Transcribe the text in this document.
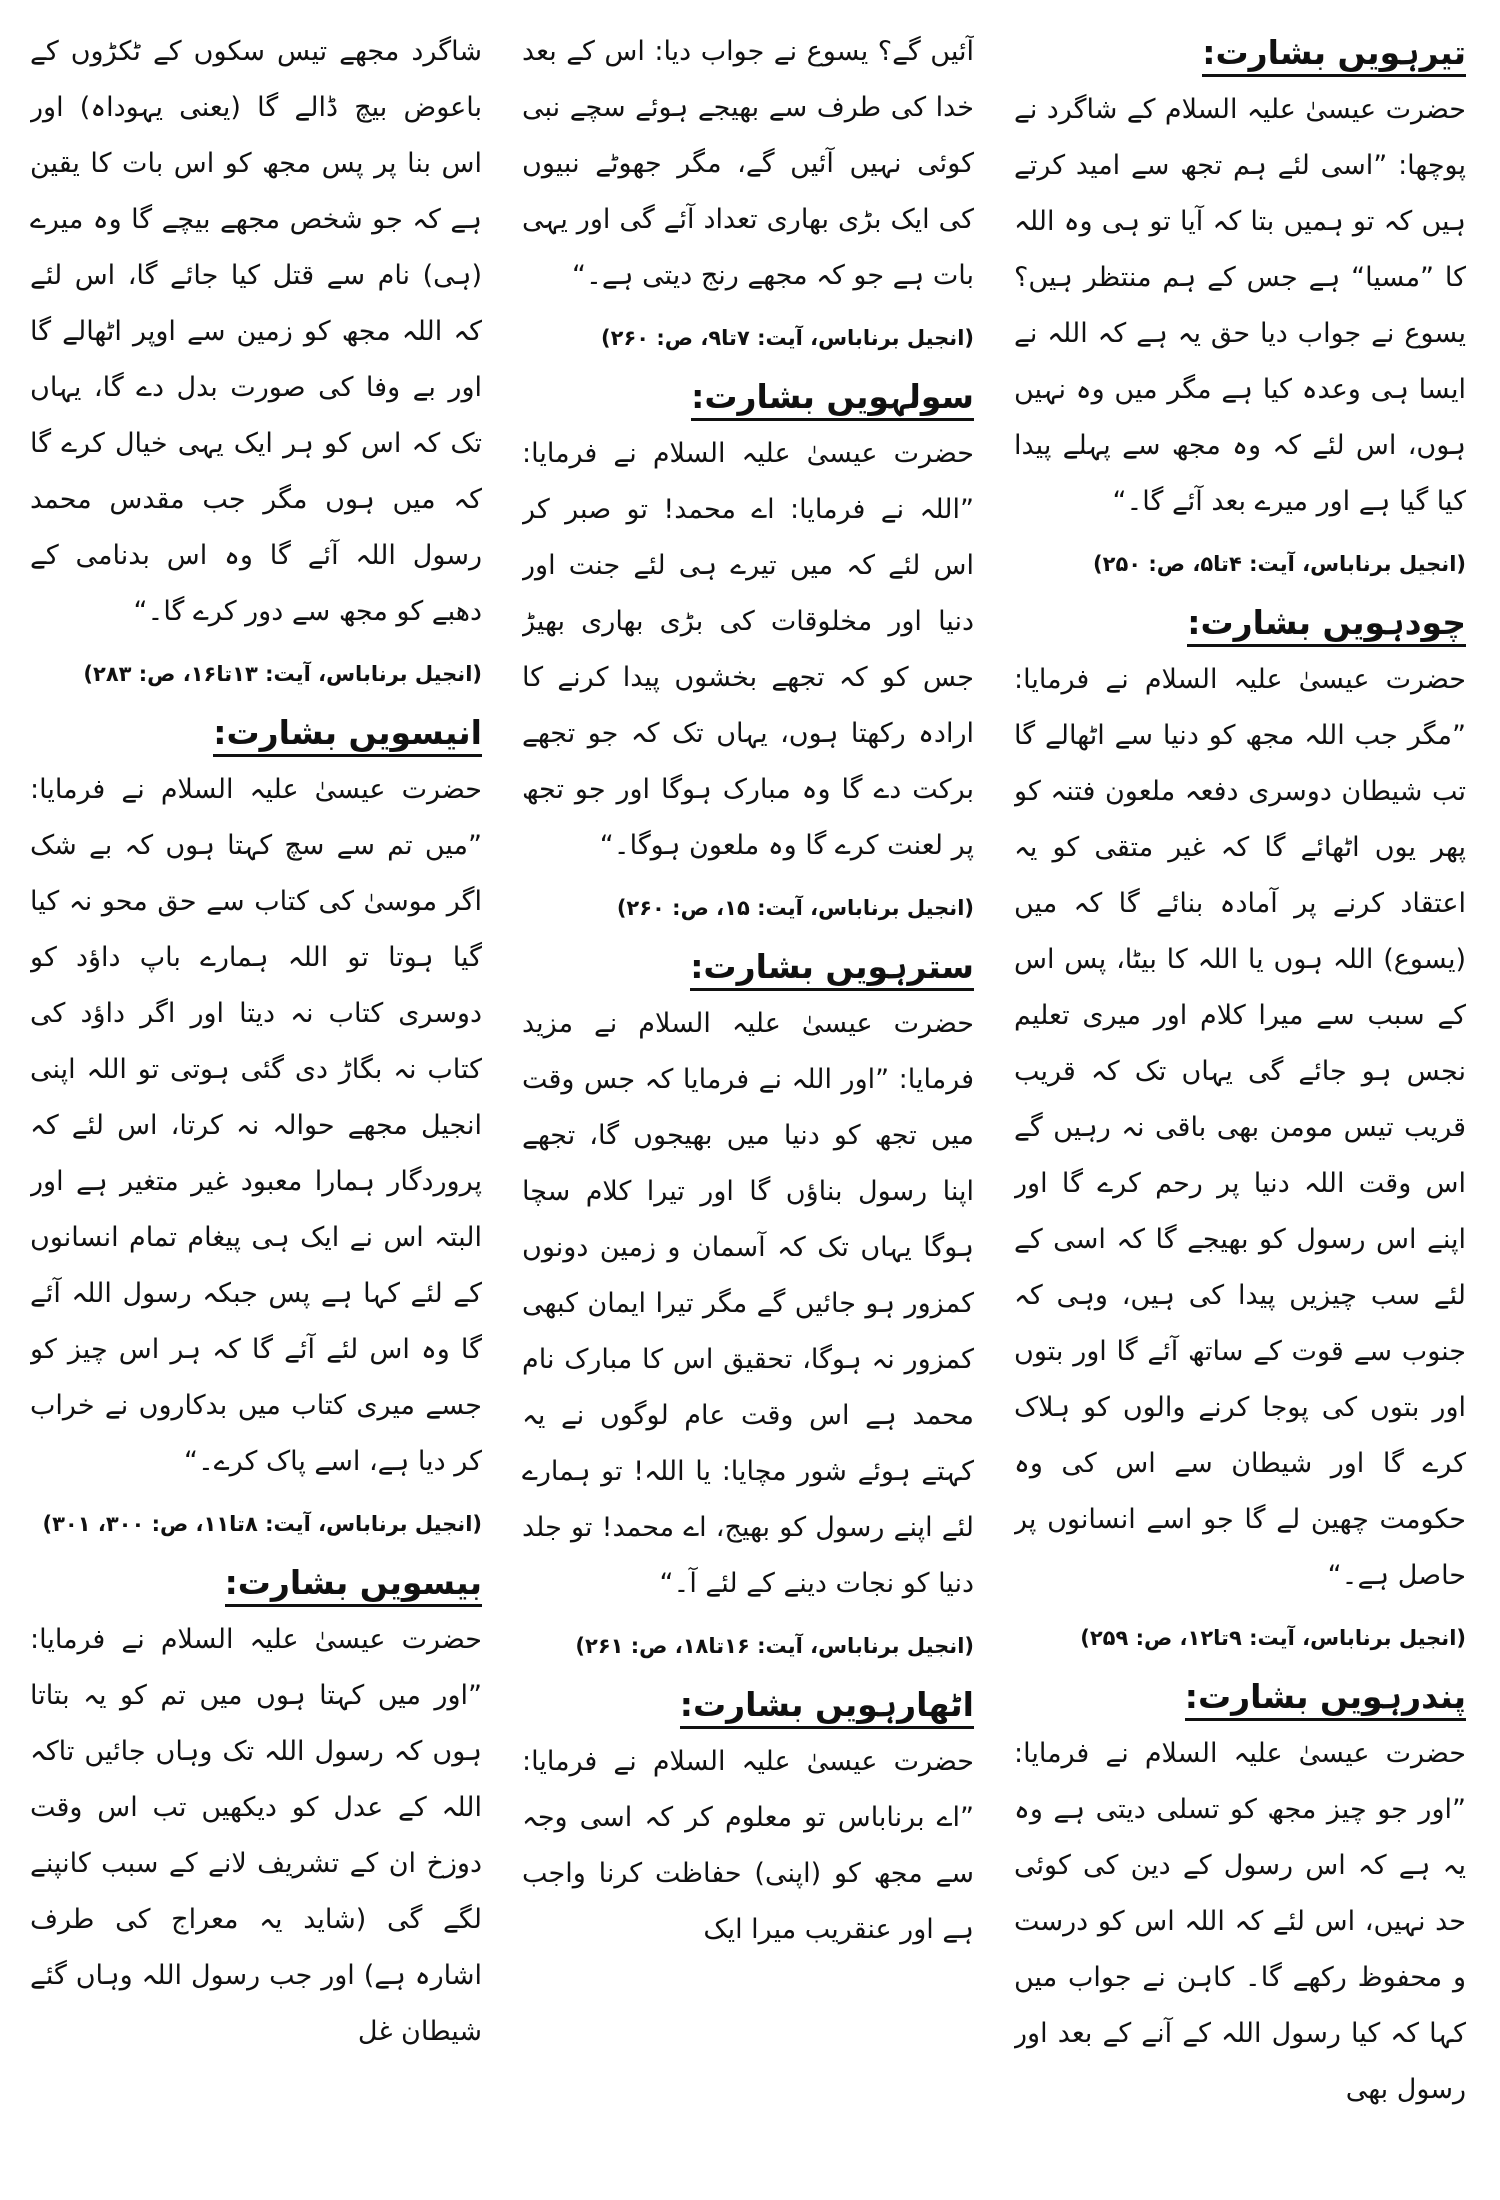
تیرہویں بشارت:

حضرت عیسیٰ علیہ السلام کے شاگرد نے پوچھا: ”اسی لئے ہم تجھ سے امید کرتے ہیں کہ تو ہمیں بتا کہ آیا تو ہی وہ اللہ کا ”مسیا“ ہے جس کے ہم منتظر ہیں؟ یسوع نے جواب دیا حق یہ ہے کہ اللہ نے ایسا ہی وعدہ کیا ہے مگر میں وہ نہیں ہوں، اس لئے کہ وہ مجھ سے پہلے پیدا کیا گیا ہے اور میرے بعد آئے گا۔“

(انجیل برناباس، آیت: ۴تا۵، ص: ۲۵۰)
چودہویں بشارت:

حضرت عیسیٰ علیہ السلام نے فرمایا: ”مگر جب اللہ مجھ کو دنیا سے اٹھالے گا تب شیطان دوسری دفعہ ملعون فتنہ کو پھر یوں اٹھائے گا کہ غیر متقی کو یہ اعتقاد کرنے پر آمادہ بنائے گا کہ میں (یسوع) اللہ ہوں یا اللہ کا بیٹا، پس اس کے سبب سے میرا کلام اور میری تعلیم نجس ہو جائے گی یہاں تک کہ قریب قریب تیس مومن بھی باقی نہ رہیں گے اس وقت اللہ دنیا پر رحم کرے گا اور اپنے اس رسول کو بھیجے گا کہ اسی کے لئے سب چیزیں پیدا کی ہیں، وہی کہ جنوب سے قوت کے ساتھ آئے گا اور بتوں اور بتوں کی پوجا کرنے والوں کو ہلاک کرے گا اور شیطان سے اس کی وہ حکومت چھین لے گا جو اسے انسانوں پر حاصل ہے۔“

(انجیل برناباس، آیت: ۹تا۱۲، ص: ۲۵۹)
پندرہویں بشارت:

حضرت عیسیٰ علیہ السلام نے فرمایا: ”اور جو چیز مجھ کو تسلی دیتی ہے وہ یہ ہے کہ اس رسول کے دین کی کوئی حد نہیں، اس لئے کہ اللہ اس کو درست و محفوظ رکھے گا۔ کاہن نے جواب میں کہا کہ کیا رسول اللہ کے آنے کے بعد اور رسول بھی

آئیں گے؟ یسوع نے جواب دیا: اس کے بعد خدا کی طرف سے بھیجے ہوئے سچے نبی کوئی نہیں آئیں گے، مگر جھوٹے نبیوں کی ایک بڑی بھاری تعداد آئے گی اور یہی بات ہے جو کہ مجھے رنج دیتی ہے۔“

(انجیل برناباس، آیت: ۷تا۹، ص: ۲۶۰)
سولہویں بشارت:

حضرت عیسیٰ علیہ السلام نے فرمایا: ”اللہ نے فرمایا: اے محمد! تو صبر کر اس لئے کہ میں تیرے ہی لئے جنت اور دنیا اور مخلوقات کی بڑی بھاری بھیڑ جس کو کہ تجھے بخشوں پیدا کرنے کا ارادہ رکھتا ہوں، یہاں تک کہ جو تجھے برکت دے گا وہ مبارک ہوگا اور جو تجھ پر لعنت کرے گا وہ ملعون ہوگا۔“

(انجیل برناباس، آیت: ۱۵، ص: ۲۶۰)
سترہویں بشارت:

حضرت عیسیٰ علیہ السلام نے مزید فرمایا: ”اور اللہ نے فرمایا کہ جس وقت میں تجھ کو دنیا میں بھیجوں گا، تجھے اپنا رسول بناؤں گا اور تیرا کلام سچا ہوگا یہاں تک کہ آسمان و زمین دونوں کمزور ہو جائیں گے مگر تیرا ایمان کبھی کمزور نہ ہوگا، تحقیق اس کا مبارک نام محمد ہے اس وقت عام لوگوں نے یہ کہتے ہوئے شور مچایا: یا اللہ! تو ہمارے لئے اپنے رسول کو بھیج، اے محمد! تو جلد دنیا کو نجات دینے کے لئے آ۔“

(انجیل برناباس، آیت: ۱۶تا۱۸، ص: ۲۶۱)
اٹھارہویں بشارت:

حضرت عیسیٰ علیہ السلام نے فرمایا: ”اے برناباس تو معلوم کر کہ اسی وجہ سے مجھ کو (اپنی) حفاظت کرنا واجب ہے اور عنقریب میرا ایک

شاگرد مجھے تیس سکوں کے ٹکڑوں کے باعوض بیچ ڈالے گا (یعنی یہوداہ) اور اس بنا پر پس مجھ کو اس بات کا یقین ہے کہ جو شخص مجھے بیچے گا وہ میرے (ہی) نام سے قتل کیا جائے گا، اس لئے کہ اللہ مجھ کو زمین سے اوپر اٹھالے گا اور بے وفا کی صورت بدل دے گا، یہاں تک کہ اس کو ہر ایک یہی خیال کرے گا کہ میں ہوں مگر جب مقدس محمد رسول اللہ آئے گا وہ اس بدنامی کے دھبے کو مجھ سے دور کرے گا۔“

(انجیل برناباس، آیت: ۱۳تا۱۶، ص: ۲۸۳)
انیسویں بشارت:

حضرت عیسیٰ علیہ السلام نے فرمایا: ”میں تم سے سچ کہتا ہوں کہ بے شک اگر موسیٰ کی کتاب سے حق محو نہ کیا گیا ہوتا تو اللہ ہمارے باپ داؤد کو دوسری کتاب نہ دیتا اور اگر داؤد کی کتاب نہ بگاڑ دی گئی ہوتی تو اللہ اپنی انجیل مجھے حوالہ نہ کرتا، اس لئے کہ پروردگار ہمارا معبود غیر متغیر ہے اور البتہ اس نے ایک ہی پیغام تمام انسانوں کے لئے کہا ہے پس جبکہ رسول اللہ آئے گا وہ اس لئے آئے گا کہ ہر اس چیز کو جسے میری کتاب میں بدکاروں نے خراب کر دیا ہے، اسے پاک کرے۔“

(انجیل برناباس، آیت: ۸تا۱۱، ص: ۳۰۰، ۳۰۱)
بیسویں بشارت:

حضرت عیسیٰ علیہ السلام نے فرمایا: ”اور میں کہتا ہوں میں تم کو یہ بتاتا ہوں کہ رسول اللہ تک وہاں جائیں تاکہ اللہ کے عدل کو دیکھیں تب اس وقت دوزخ ان کے تشریف لانے کے سبب کانپنے لگے گی (شاید یہ معراج کی طرف اشارہ ہے) اور جب رسول اللہ وہاں گئے شیطان غل
